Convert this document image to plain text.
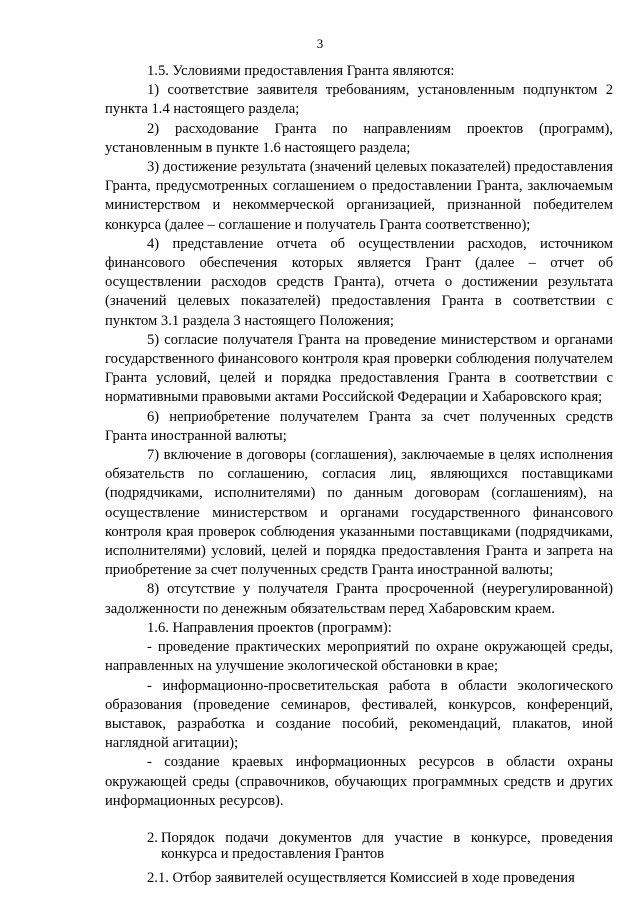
3

1.5. Условиями предоставления Гранта являются:

1) соответствие заявителя требованиям, установленным подпунктом 2 пункта 1.4 настоящего раздела;

2) расходование Гранта по направлениям проектов (программ), установленным в пункте 1.6 настоящего раздела;

3) достижение результата (значений целевых показателей) предоставления Гранта, предусмотренных соглашением о предоставлении Гранта, заключаемым министерством и некоммерческой организацией, признанной победителем конкурса (далее – соглашение и получатель Гранта соответственно);

4) представление отчета об осуществлении расходов, источником финансового обеспечения которых является Грант (далее – отчет об осуществлении расходов средств Гранта), отчета о достижении результата (значений целевых показателей) предоставления Гранта в соответствии с пунктом 3.1 раздела 3 настоящего Положения;

5) согласие получателя Гранта на проведение министерством и органами государственного финансового контроля края проверки соблюдения получателем Гранта условий, целей и порядка предоставления Гранта в соответствии с нормативными правовыми актами Российской Федерации и Хабаровского края;

6) неприобретение получателем Гранта за счет полученных средств Гранта иностранной валюты;

7) включение в договоры (соглашения), заключаемые в целях исполнения обязательств по соглашению, согласия лиц, являющихся поставщиками (подрядчиками, исполнителями) по данным договорам (соглашениям), на осуществление министерством и органами государственного финансового контроля края проверок соблюдения указанными поставщиками (подрядчиками, исполнителями) условий, целей и порядка предоставления Гранта и запрета на приобретение за счет полученных средств Гранта иностранной валюты;

8) отсутствие у получателя Гранта просроченной (неурегулированной) задолженности по денежным обязательствам перед Хабаровским краем.

1.6. Направления проектов (программ):

- проведение практических мероприятий по охране окружающей среды, направленных на улучшение экологической обстановки в крае;

- информационно-просветительская работа в области экологического образования (проведение семинаров, фестивалей, конкурсов, конференций, выставок, разработка и создание пособий, рекомендаций, плакатов, иной наглядной агитации);

- создание краевых информационных ресурсов в области охраны окружающей среды (справочников, обучающих программных средств и других информационных ресурсов).

2. Порядок подачи документов для участие в конкурсе, проведения конкурса и предоставления Грантов

2.1. Отбор заявителей осуществляется Комиссией в ходе проведения
